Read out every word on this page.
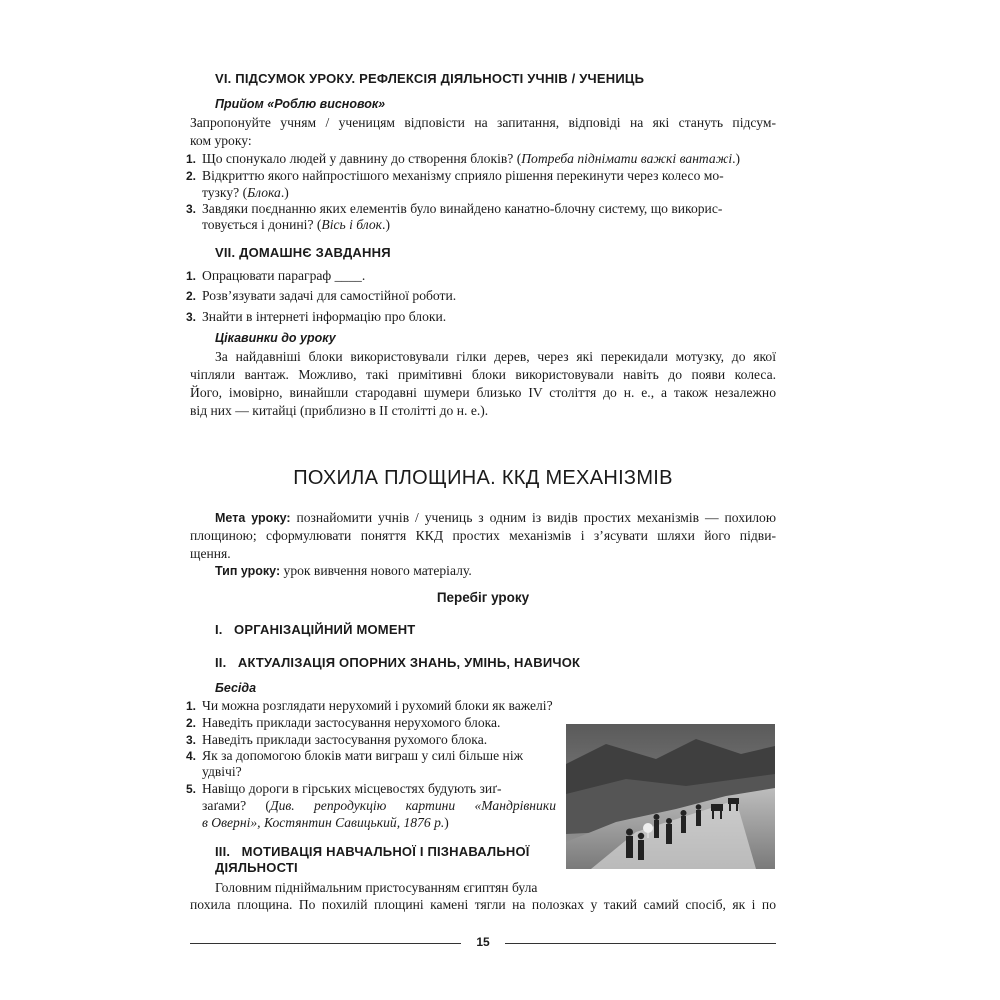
VI. ПІДСУМОК УРОКУ. РЕФЛЕКСІЯ ДІЯЛЬНОСТІ УЧНІВ / УЧЕНИЦЬ
Прийом «Роблю висновок»
Запропонуйте учням / ученицям відповісти на запитання, відповіді на які стануть підсум-
ком уроку:
1. Що спонукало людей у давнину до створення блоків? (Потреба піднімати важкі вантажі.)
2. Відкриттю якого найпростішого механізму сприяло рішення перекинути через колесо мо-
тузку? (Блока.)
3. Завдяки поєднанню яких елементів було винайдено канатно-блочну систему, що викорис-
товується і донині? (Вісь і блок.)
VII. ДОМАШНЄ ЗАВДАННЯ
1. Опрацювати параграф ____.
2. Розв’язувати задачі для самостійної роботи.
3. Знайти в інтернеті інформацію про блоки.
Цікавинки до уроку
За найдавніші блоки використовували гілки дерев, через які перекидали мотузку, до якої
чіпляли вантаж. Можливо, такі примітивні блоки використовували навіть до появи колеса.
Його, імовірно, винайшли стародавні шумери близько IV століття до н. е., а також незалежно
від них — китайці (приблизно в ІІ столітті до н. е.).
ПОХИЛА ПЛОЩИНА. ККД МЕХАНІЗМІВ
Мета уроку: познайомити учнів / учениць з одним із видів простих механізмів — похилою
площиною; сформулювати поняття ККД простих механізмів і з’ясувати шляхи його підви-
щення.
Тип уроку: урок вивчення нового матеріалу.
Перебіг уроку
I.   ОРГАНІЗАЦІЙНИЙ МОМЕНТ
II.   АКТУАЛІЗАЦІЯ ОПОРНИХ ЗНАНЬ, УМІНЬ, НАВИЧОК
Бесіда
1. Чи можна розглядати нерухомий і рухомий блоки як важелі?
2. Наведіть приклади застосування нерухомого блока.
3. Наведіть приклади застосування рухомого блока.
4. Як за допомогою блоків мати виграш у силі більше ніж
удвічі?
5. Навіщо дороги в гірських місцевостях будують зиґ-
заґами? (Див. репродукцію картини «Мандрівники
в Оверні», Костянтин Савицький, 1876 р.)
III.   МОТИВАЦІЯ НАВЧАЛЬНОЇ І ПІЗНАВАЛЬНОЇ
ДІЯЛЬНОСТІ
Головним підніймальним пристосуванням єгиптян була
похила площина. По похилій площині камені тягли на полозках у такий самий спосіб, як і по
15
